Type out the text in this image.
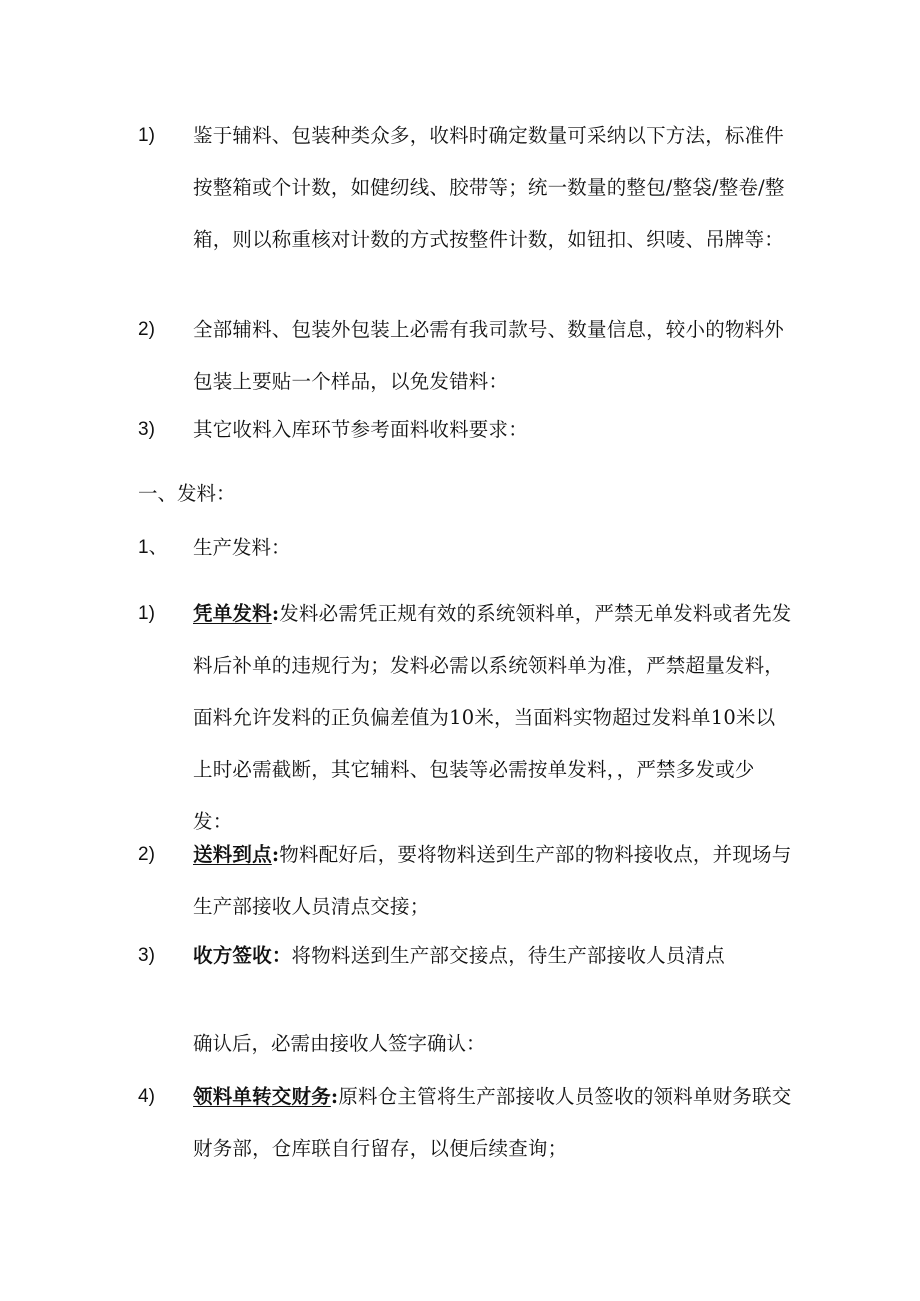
1) 鉴于辅料、包装种类众多，收料时确定数量可采纳以下方法，标准件按整箱或个计数，如健纫线、胶带等；统一数量的整包/整袋/整卷/整箱，则以称重核对计数的方式按整件计数，如钮扣、织唛、吊牌等：
2) 全部辅料、包装外包装上必需有我司款号、数量信息，较小的物料外包装上要贴一个样品，以免发错料：
3) 其它收料入库环节参考面料收料要求：
一、发料：
1、 生产发料：
1) 凭单发料:发料必需凭正规有效的系统领料单，严禁无单发料或者先发料后补单的违规行为；发料必需以系统领料单为准，严禁超量发料，面料允许发料的正负偏差值为10米，当面料实物超过发料单10米以上时必需截断，其它辅料、包装等必需按单发料，，严禁多发或少发：
2) 送料到点:物料配好后，要将物料送到生产部的物料接收点，并现场与生产部接收人员清点交接；
3) 收方签收：将物料送到生产部交接点，待生产部接收人员清点
确认后，必需由接收人签字确认：
4) 领料单转交财务:原料仓主管将生产部接收人员签收的领料单财务联交财务部，仓库联自行留存，以便后续查询；
